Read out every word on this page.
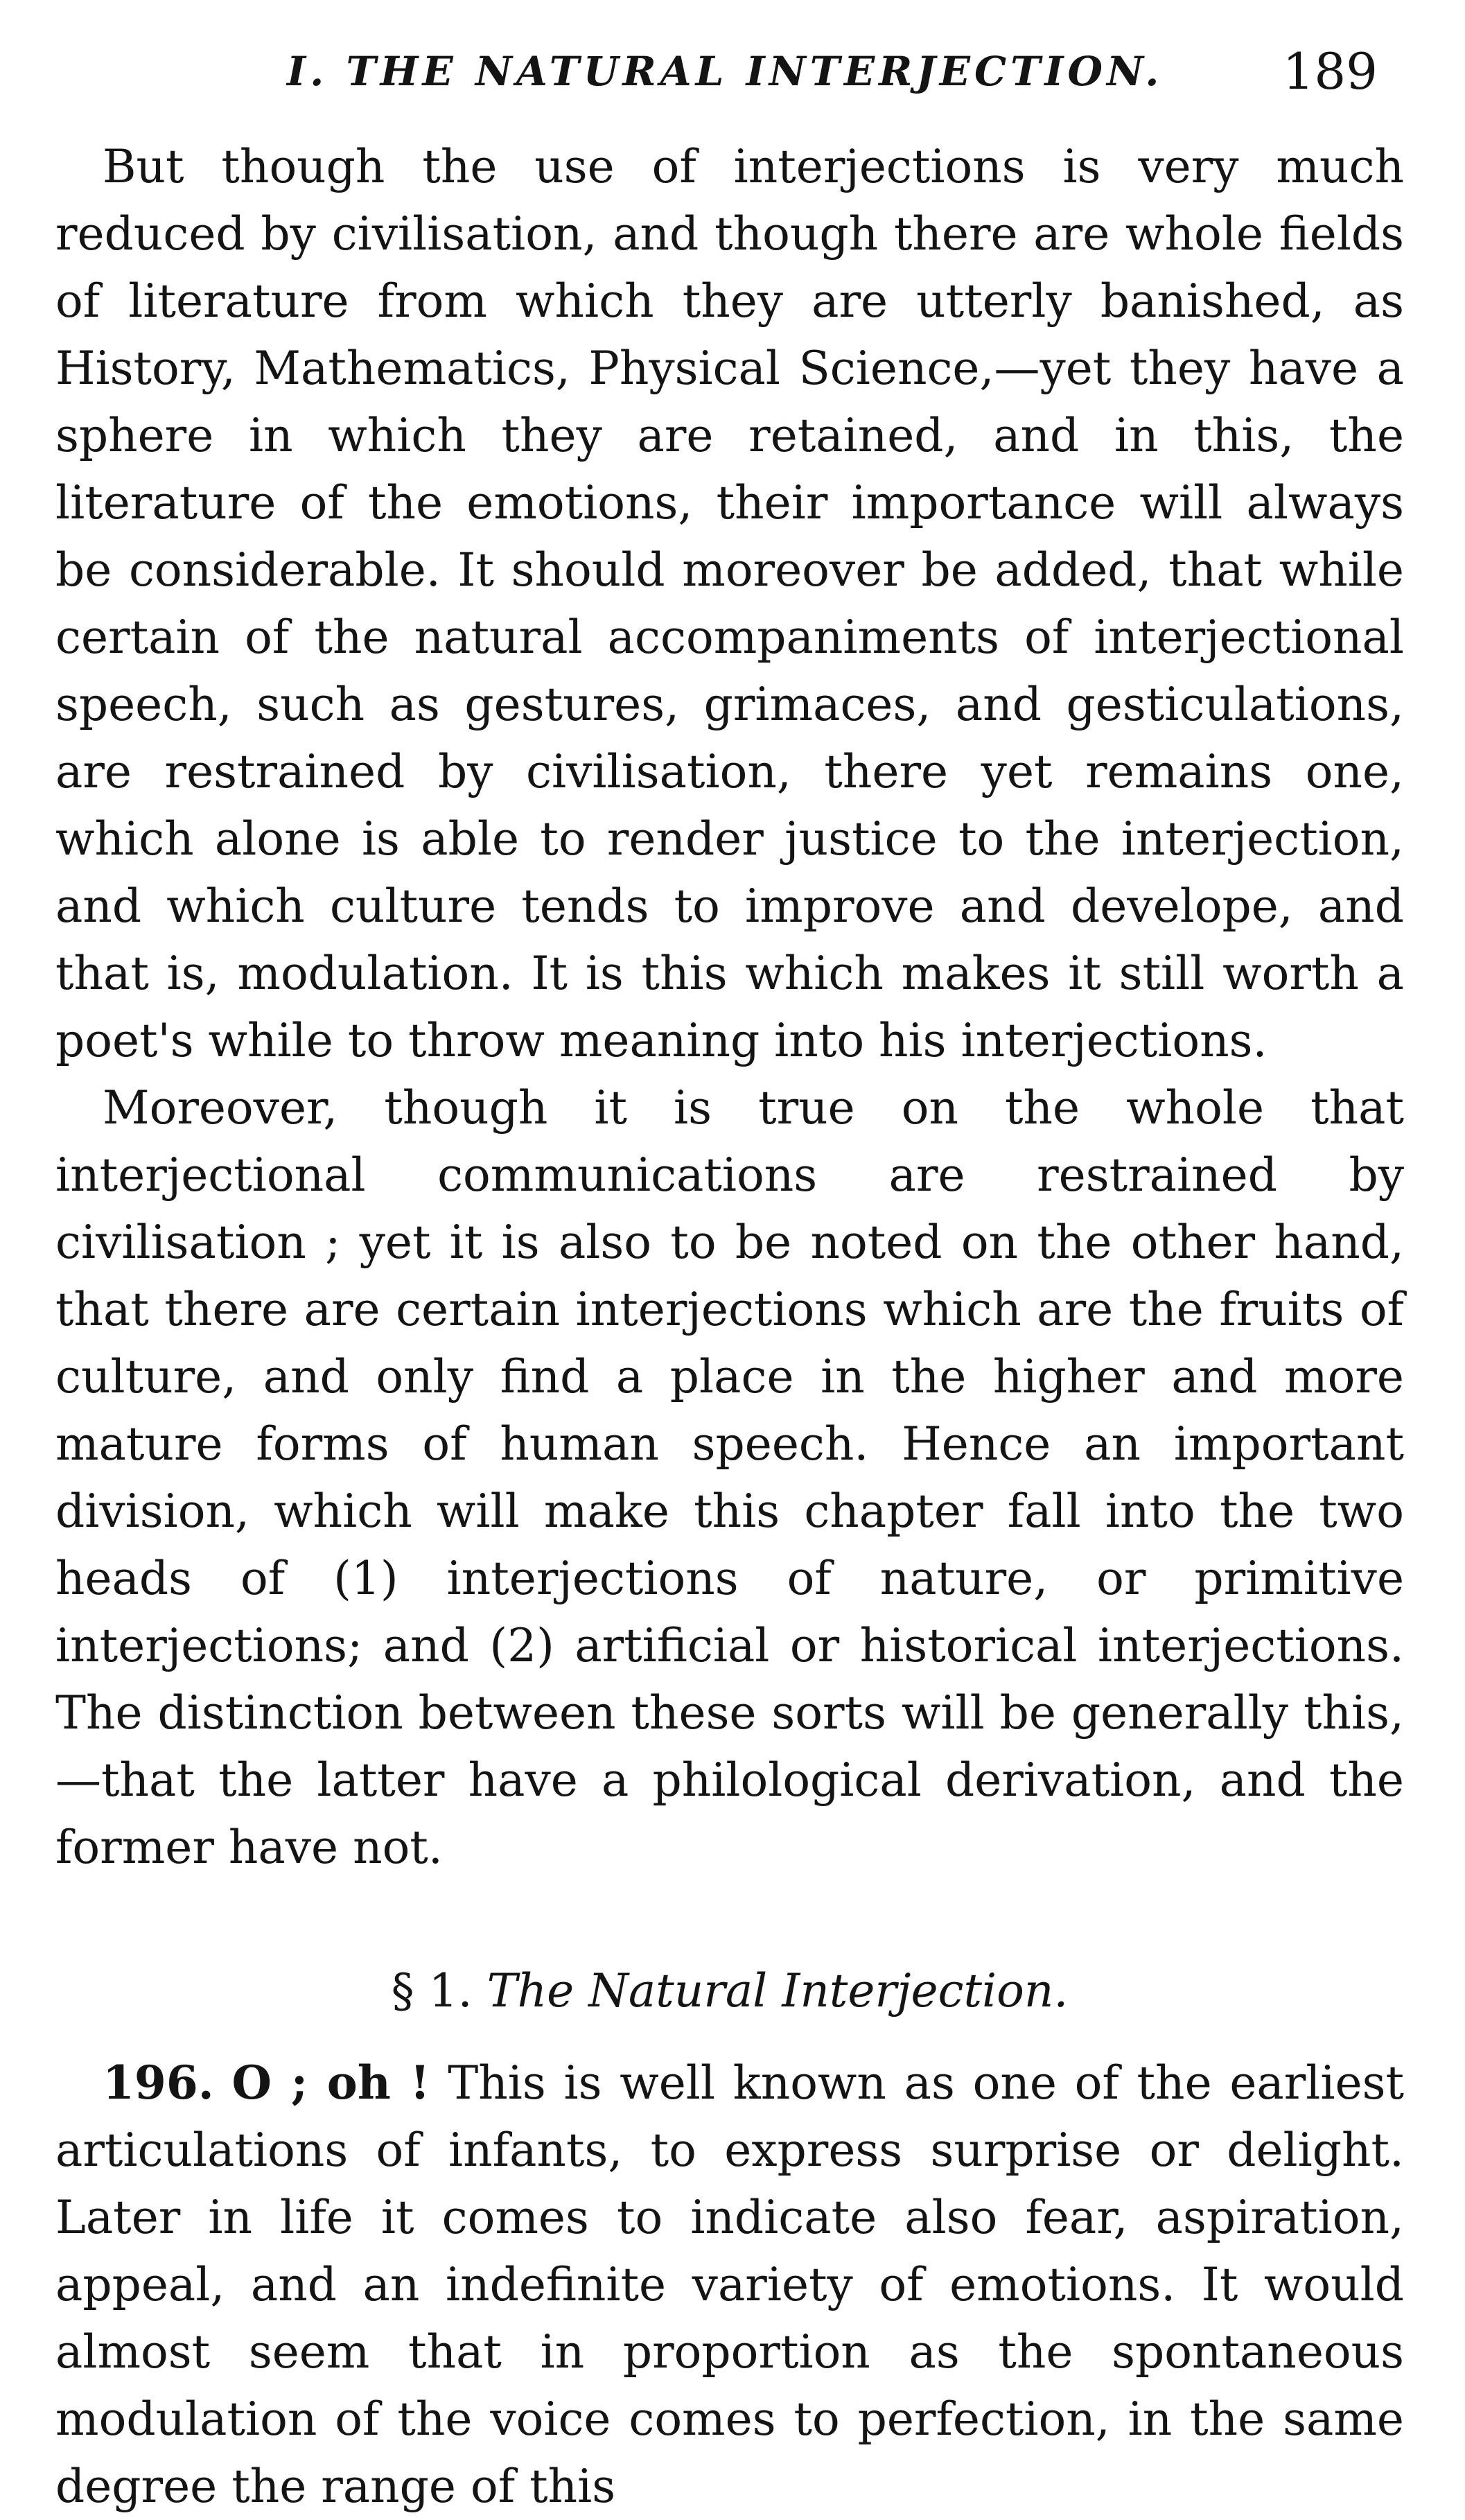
I. THE NATURAL INTERJECTION. 189

But though the use of interjections is very much reduced by civilisation, and though there are whole fields of literature from which they are utterly banished, as History, Mathematics, Physical Science,—yet they have a sphere in which they are retained, and in this, the literature of the emotions, their importance will always be considerable. It should moreover be added, that while certain of the natural accompaniments of interjectional speech, such as gestures, grimaces, and gesticulations, are restrained by civilisation, there yet remains one, which alone is able to render justice to the interjection, and which culture tends to improve and develope, and that is, modulation. It is this which makes it still worth a poet's while to throw meaning into his interjections.

Moreover, though it is true on the whole that interjectional communications are restrained by civilisation ; yet it is also to be noted on the other hand, that there are certain interjections which are the fruits of culture, and only find a place in the higher and more mature forms of human speech. Hence an important division, which will make this chapter fall into the two heads of (1) interjections of nature, or primitive interjections; and (2) artificial or historical interjections. The distinction between these sorts will be generally this,—that the latter have a philological derivation, and the former have not.

§ 1. The Natural Interjection.

196. O ; oh ! This is well known as one of the earliest articulations of infants, to express surprise or delight. Later in life it comes to indicate also fear, aspiration, appeal, and an indefinite variety of emotions. It would almost seem that in proportion as the spontaneous modulation of the voice comes to perfection, in the same degree the range of this
